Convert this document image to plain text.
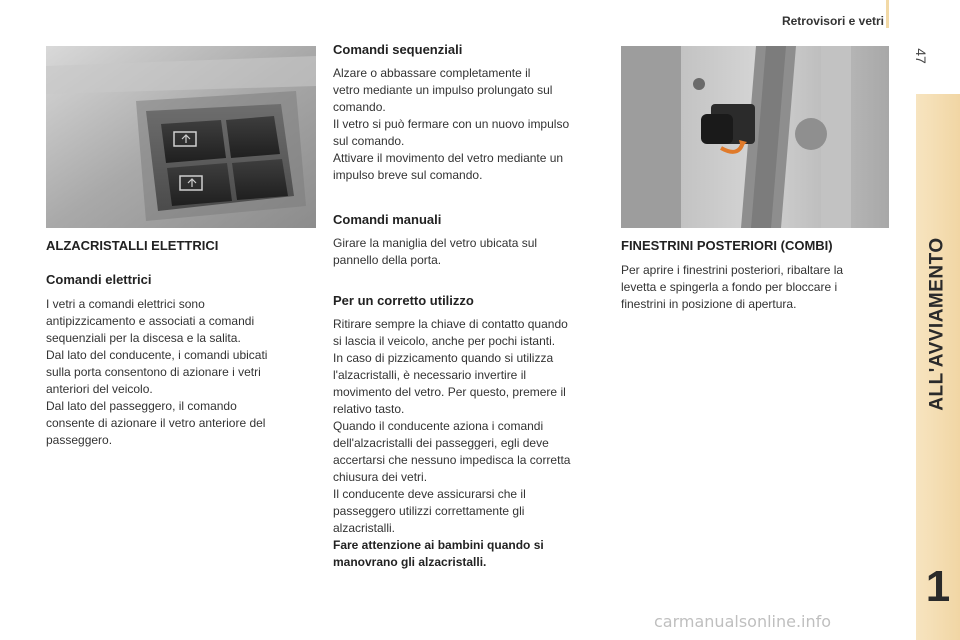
Retrovisori e vetri
47
ALL'AVVIAMENTO
1
ALZACRISTALLI ELETTRICI
Comandi elettrici

I vetri a comandi elettrici sono

antipizzicamento e associati a comandi

sequenziali per la discesa e la salita.

Dal lato del conducente, i comandi ubicati

sulla porta consentono di azionare i vetri

anteriori del veicolo.

Dal lato del passeggero, il comando

consente di azionare il vetro anteriore del

passeggero.

Comandi sequenziali

Alzare o abbassare completamente il

vetro mediante un impulso prolungato sul

comando.

Il vetro si può fermare con un nuovo impulso

sul comando.

Attivare il movimento del vetro mediante un

impulso breve sul comando.

Comandi manuali

Girare la maniglia del vetro ubicata sul

pannello della porta.

Per un corretto utilizzo

Ritirare sempre la chiave di contatto quando

si lascia il veicolo, anche per pochi istanti.

In caso di pizzicamento quando si utilizza

l'alzacristalli, è necessario invertire il

movimento del vetro. Per questo, premere il

relativo tasto.

Quando il conducente aziona i comandi

dell'alzacristalli dei passeggeri, egli deve

accertarsi che nessuno impedisca la corretta

chiusura dei vetri.

Il conducente deve assicurarsi che il

passeggero utilizzi correttamente gli

alzacristalli.

Fare attenzione ai bambini quando si

manovrano gli alzacristalli.

FINESTRINI POSTERIORI (COMBI)

Per aprire i finestrini posteriori, ribaltare la

levetta e spingerla a fondo per bloccare i

finestrini in posizione di apertura.

carmanualsonline.info
